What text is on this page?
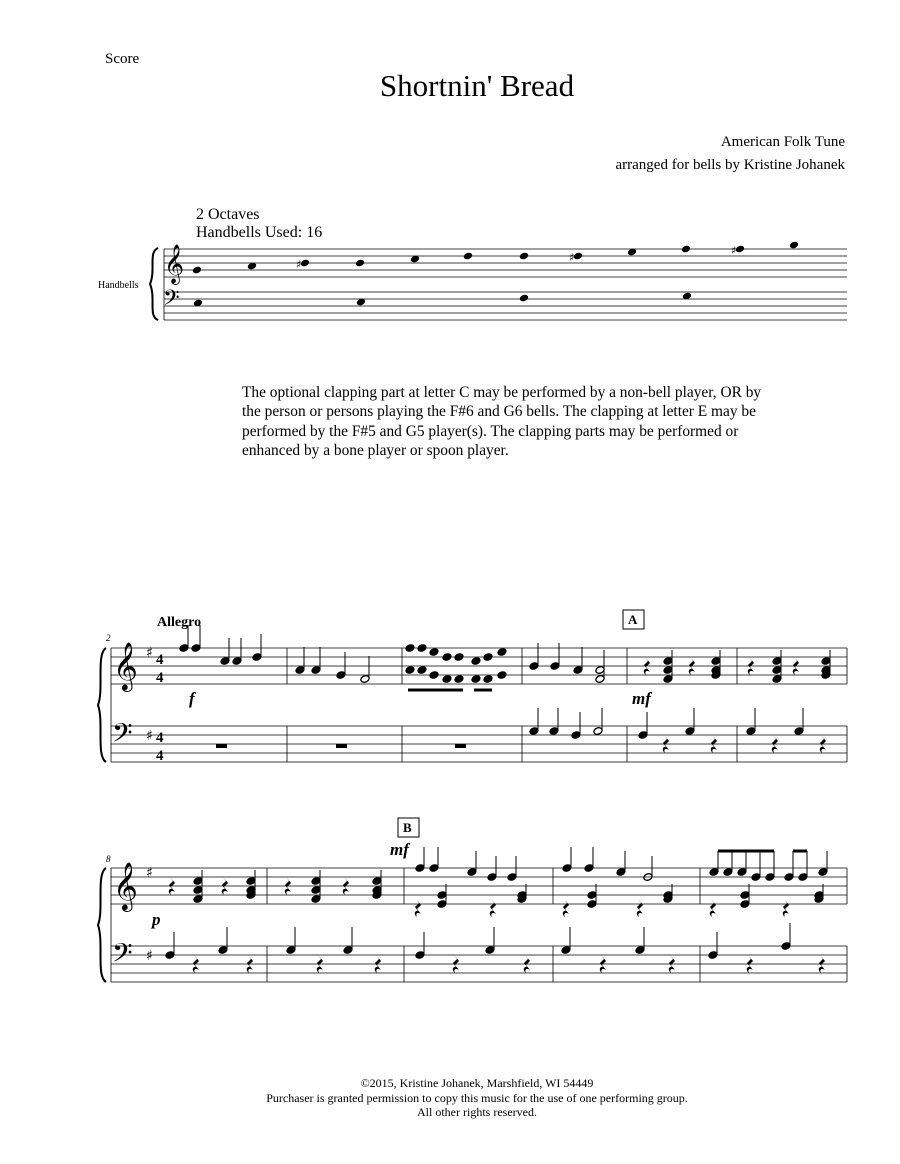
Score
Shortnin' Bread
American Folk Tune
arranged for bells by Kristine Johanek
2 Octaves
Handbells Used: 16
Handbells
The optional clapping part at letter C may be performed by a non-bell player, OR by the person or persons playing the F#6 and G6 bells. The clapping at letter E may be performed by the F#5 and G5 player(s). The clapping parts may be performed or enhanced by a bone player or spoon player.
𝄞
𝄢
♯
♯
♯
Allegro
2
𝄞
𝄢
♯
♯
4
4
4
4
f
A
mf
8
𝄞
𝄢
♯
♯
p
B
mf
©2015, Kristine Johanek, Marshfield, WI 54449
Purchaser is granted permission to copy this music for the use of one performing group.
All other rights reserved.
